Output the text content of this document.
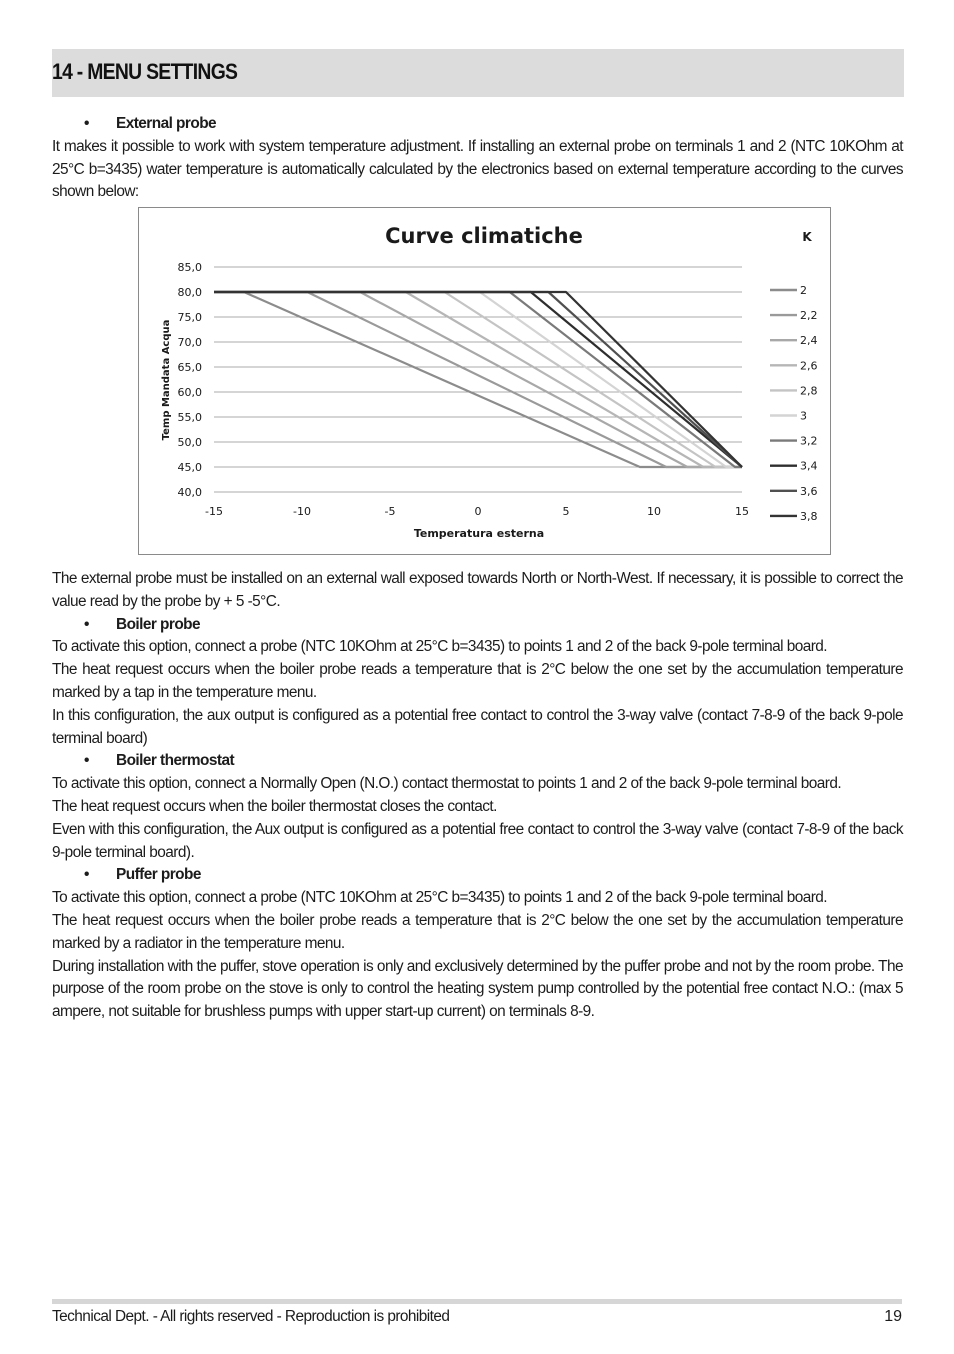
14 - MENU SETTINGS

• External probe

It makes it possible to work with system temperature adjustment. If installing an external probe on terminals 1 and 2 (NTC 10KOhm at 25°C b=3435) water temperature is automatically calculated by the electronics based on external temperature according to the curves shown below:

Curve climatiche	K
40,0
45,0
50,0
55,0
60,0
65,0
70,0
75,0
80,0
85,0
-15	-10	-5	0	5	10	15
2
2,2
2,4
2,6
2,8
3
3,2
3,4
3,6
3,8
Temperatura esterna
Temp Mandata Acqua

The external probe must be installed on an external wall exposed towards North or North-West. If necessary, it is possible to correct the value read by the probe by + 5 -5°C.

• Boiler probe

To activate this option, connect a probe (NTC 10KOhm at 25°C b=3435) to points 1 and 2 of the back 9-pole terminal board.

The heat request occurs when the boiler probe reads a temperature that is 2°C below the one set by the accumulation temperature marked by a tap in the temperature menu.

In this configuration, the aux output is configured as a potential free contact to control the 3-way valve (contact 7-8-9 of the back 9-pole terminal board)

• Boiler thermostat

To activate this option, connect a Normally Open (N.O.) contact thermostat to points 1 and 2 of the back 9-pole terminal board.

The heat request occurs when the boiler thermostat closes the contact.

Even with this configuration, the Aux output is configured as a potential free contact to control the 3-way valve (contact 7-8-9 of the back 9-pole terminal board).

• Puffer probe

To activate this option, connect a probe (NTC 10KOhm at 25°C b=3435) to points 1 and 2 of the back 9-pole terminal board.

The heat request occurs when the boiler probe reads a temperature that is 2°C below the one set by the accumulation temperature marked by a radiator in the temperature menu.

During installation with the puffer, stove operation is only and exclusively determined by the puffer probe and not by the room probe. The purpose of the room probe on the stove is only to control the heating system pump controlled by the potential free contact N.O.: (max 5 ampere, not suitable for brushless pumps with upper start-up current) on terminals 8-9.

Technical Dept. - All rights reserved - Reproduction is prohibited	19
